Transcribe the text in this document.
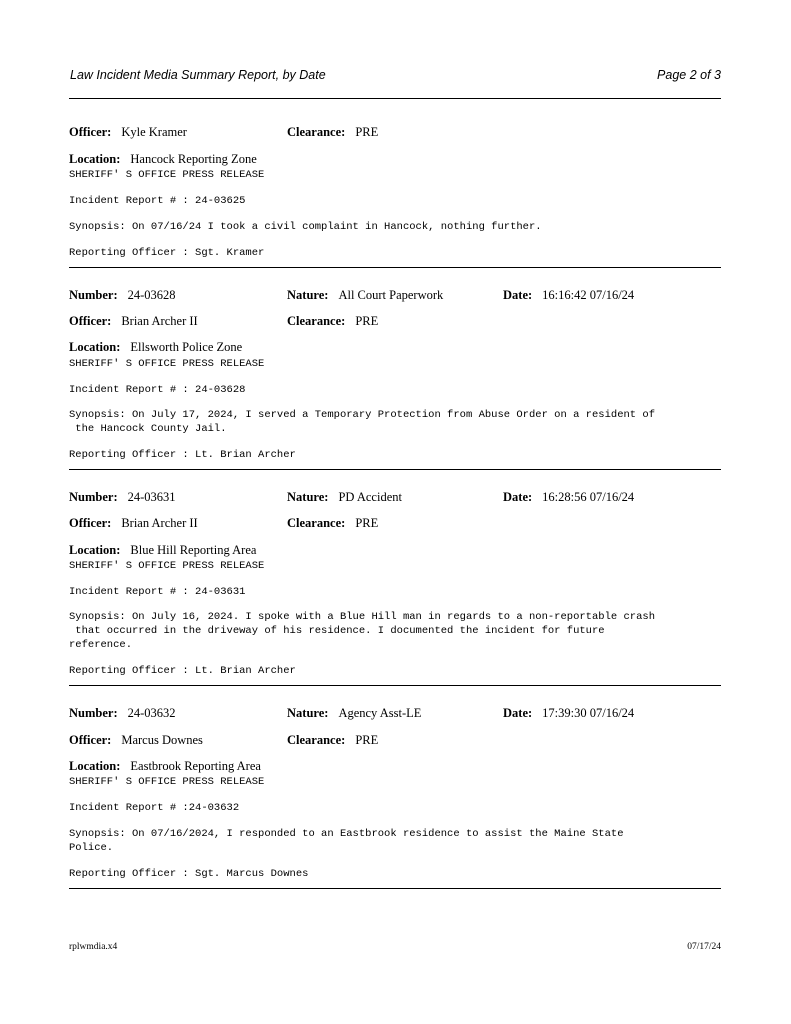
Law Incident Media Summary Report, by Date	Page 2 of 3
Officer: Kyle Kramer	Clearance: PRE
Location: Hancock Reporting Zone
SHERIFF' S OFFICE PRESS RELEASE
Incident Report # : 24-03625
Synopsis: On 07/16/24 I took a civil complaint in Hancock, nothing further.
Reporting Officer : Sgt. Kramer
Number: 24-03628	Nature: All Court Paperwork	Date: 16:16:42 07/16/24
Officer: Brian Archer II	Clearance: PRE
Location: Ellsworth Police Zone
SHERIFF' S OFFICE PRESS RELEASE
Incident Report # : 24-03628
Synopsis: On July 17, 2024, I served a Temporary Protection from Abuse Order on a resident of
the Hancock County Jail.
Reporting Officer : Lt. Brian Archer
Number: 24-03631	Nature: PD Accident	Date: 16:28:56 07/16/24
Officer: Brian Archer II	Clearance: PRE
Location: Blue Hill Reporting Area
SHERIFF' S OFFICE PRESS RELEASE
Incident Report # : 24-03631
Synopsis: On July 16, 2024. I spoke with a Blue Hill man in regards to a non-reportable crash
that occurred in the driveway of his residence. I documented the incident for future
reference.
Reporting Officer : Lt. Brian Archer
Number: 24-03632	Nature: Agency Asst-LE	Date: 17:39:30 07/16/24
Officer: Marcus Downes	Clearance: PRE
Location: Eastbrook Reporting Area
SHERIFF' S OFFICE PRESS RELEASE
Incident Report # :24-03632
Synopsis: On 07/16/2024, I responded to an Eastbrook residence to assist the Maine State
Police.
Reporting Officer : Sgt. Marcus Downes
rplwmdia.x4	07/17/24
